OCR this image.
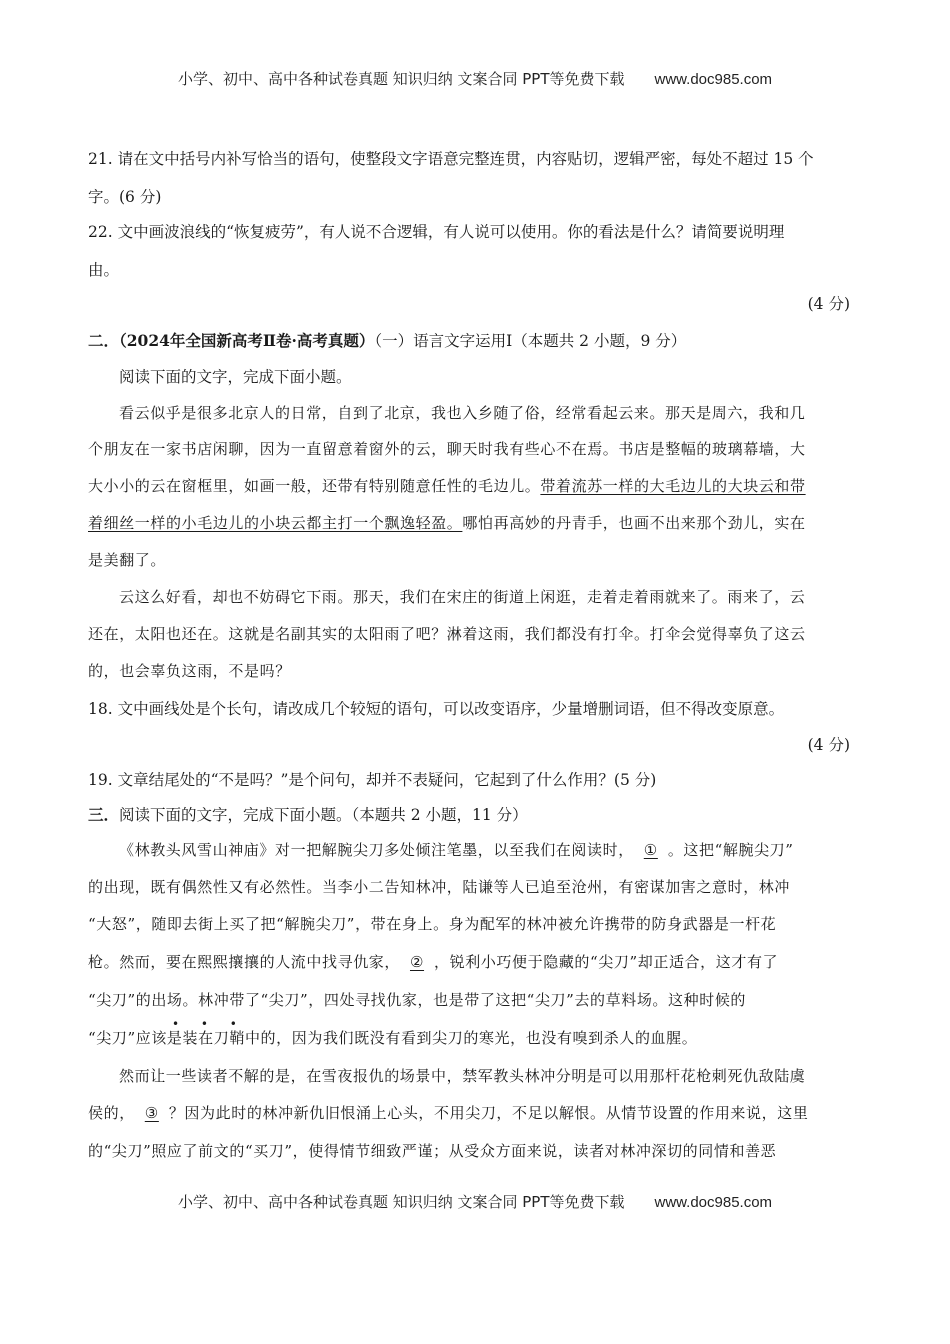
小学、初中、高中各种试卷真题 知识归纳 文案合同 PPT等免费下载 www.doc985.com
21. 请在文中括号内补写恰当的语句，使整段文字语意完整连贯，内容贴切，逻辑严密，每处不超过 15 个
字。(6 分)
22. 文中画波浪线的“恢复疲劳”，有人说不合逻辑，有人说可以使用。你的看法是什么？请简要说明理
由。
(4 分)
二．（2024年全国新高考Ⅱ卷·高考真题）（一）语言文字运用Ⅰ（本题共 2 小题，9 分）
阅读下面的文字，完成下面小题。
看云似乎是很多北京人的日常，自到了北京，我也入乡随了俗，经常看起云来。那天是周六，我和几
个朋友在一家书店闲聊，因为一直留意着窗外的云，聊天时我有些心不在焉。书店是整幅的玻璃幕墙，大
大小小的云在窗框里，如画一般，还带有特别随意任性的毛边儿。带着流苏一样的大毛边儿的大块云和带
着细丝一样的小毛边儿的小块云都主打一个飘逸轻盈。哪怕再高妙的丹青手，也画不出来那个劲儿，实在
是美翻了。
云这么好看，却也不妨碍它下雨。那天，我们在宋庄的街道上闲逛，走着走着雨就来了。雨来了，云
还在，太阳也还在。这就是名副其实的太阳雨了吧？淋着这雨，我们都没有打伞。打伞会觉得辜负了这云
的，也会辜负这雨，不是吗？
18. 文中画线处是个长句，请改成几个较短的语句，可以改变语序，少量增删词语，但不得改变原意。
(4 分)
19. 文章结尾处的“不是吗？”是个问句，却并不表疑问，它起到了什么作用？(5 分)
三．阅读下面的文字，完成下面小题。（本题共 2 小题，11 分）
《林教头风雪山神庙》对一把解腕尖刀多处倾注笔墨，以至我们在阅读时， ① 。这把“解腕尖刀”
的出现，既有偶然性又有必然性。当李小二告知林冲，陆谦等人已追至沧州，有密谋加害之意时，林冲
“大怒”，随即去街上买了把“解腕尖刀”，带在身上。身为配军的林冲被允许携带的防身武器是一杆花
枪。然而，要在熙熙攘攘的人流中找寻仇家， ② ，锐利小巧便于隐藏的“尖刀”却正适合，这才有了
“尖刀”的出场。林冲带了“尖刀”，四处寻找仇家，也是带了这把“尖刀”去的草料场。这种时候的
• • •
“尖刀”应该是装在刀鞘中的，因为我们既没有看到尖刀的寒光，也没有嗅到杀人的血腥。
然而让一些读者不解的是，在雪夜报仇的场景中，禁军教头林冲分明是可以用那杆花枪刺死仇敌陆虞
侯的， ③ ？因为此时的林冲新仇旧恨涌上心头，不用尖刀，不足以解恨。从情节设置的作用来说，这里
的“尖刀”照应了前文的“买刀”，使得情节细致严谨；从受众方面来说，读者对林冲深切的同情和善恶
小学、初中、高中各种试卷真题 知识归纳 文案合同 PPT等免费下载 www.doc985.com
